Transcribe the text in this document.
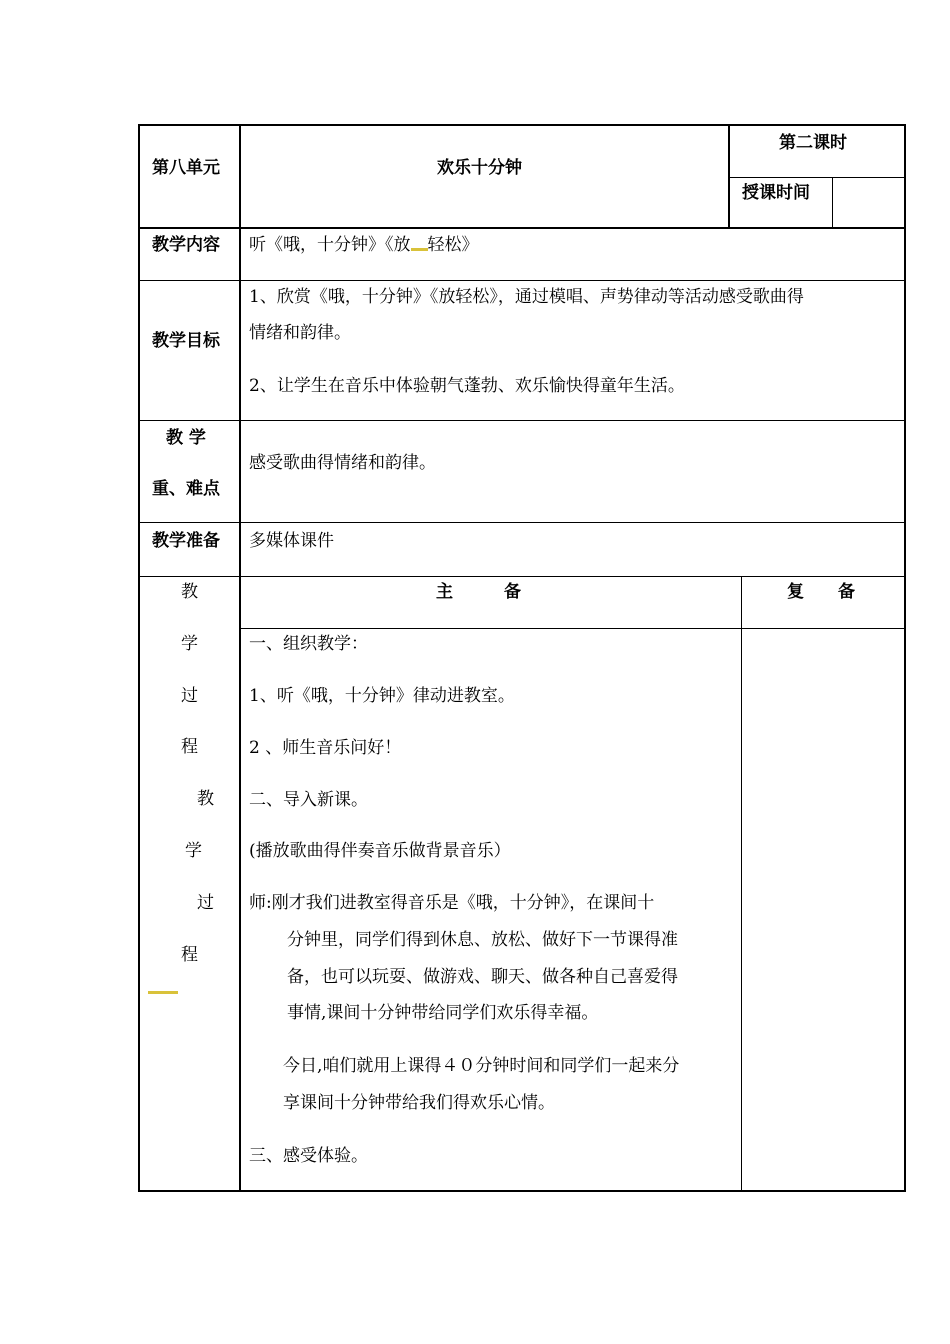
第八单元	欢乐十分钟
第二课时
授课时间
教学内容 听《哦，十分钟》《放 轻松》
教学目标
1、欣赏《哦，十分钟》《放轻松》，通过模唱、声势律动等活动感受歌曲得
情绪和韵律。
2、让学生在音乐中体验朝气蓬勃、欢乐愉快得童年生活。
教 学
重、难点
感受歌曲得情绪和韵律。
教学准备 多媒体课件
教
学
过
程
教
学
过
程
主　　　备	复　　备
一、组织教学：
1、听《哦，十分钟》律动进教室。
2 、师生音乐问好！
二、导入新课。
(播放歌曲得伴奏音乐做背景音乐）
师:刚才我们进教室得音乐是《哦，十分钟》，在课间十
分钟里，同学们得到休息、放松、做好下一节课得准
备，也可以玩耍、做游戏、聊天、做各种自己喜爱得
事情,课间十分钟带给同学们欢乐得幸福。
今日,咱们就用上课得４０分钟时间和同学们一起来分
享课间十分钟带给我们得欢乐心情。
三、感受体验。
